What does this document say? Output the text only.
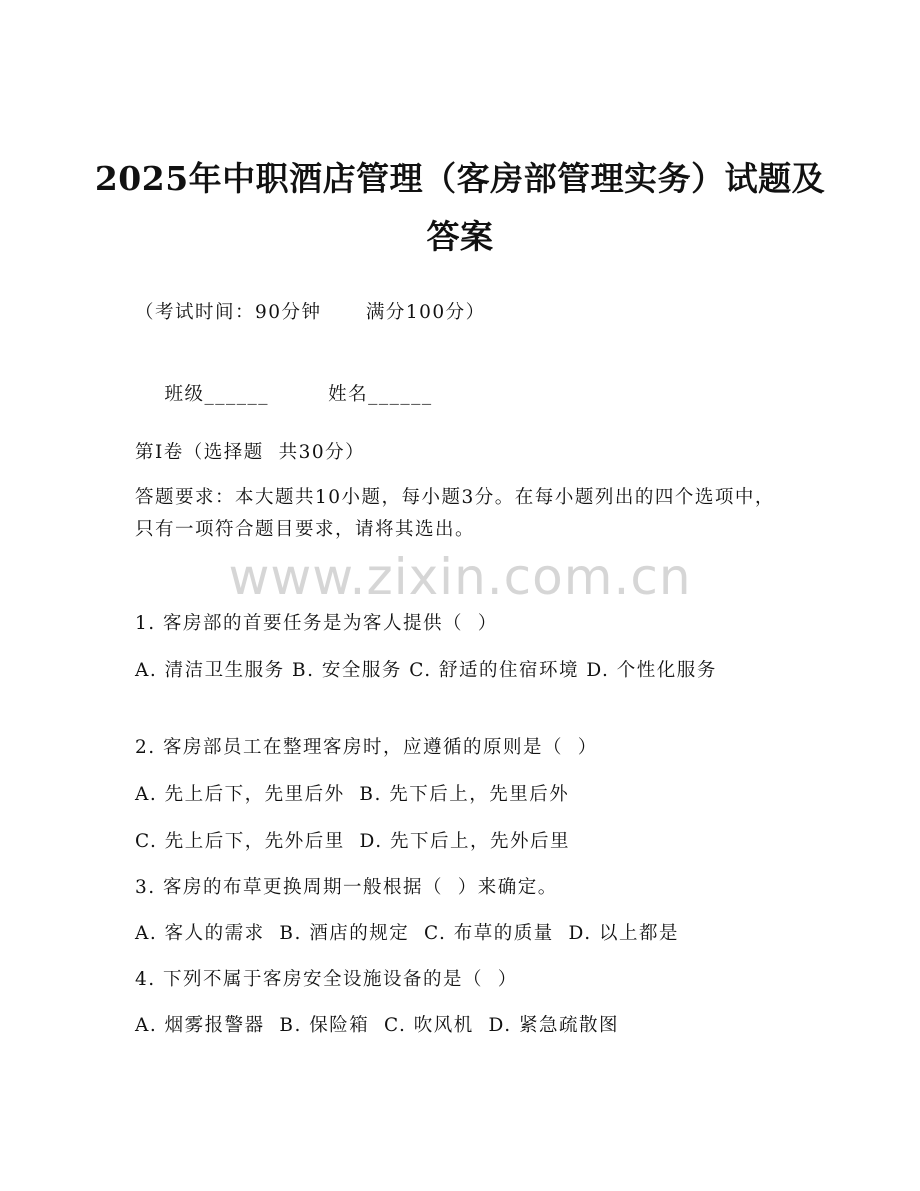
2025年中职酒店管理（客房部管理实务）试题及答案
（考试时间：90分钟      满分100分）

班级______	姓名______

第I卷（选择题  共30分）
答题要求：本大题共10小题，每小题3分。在每小题列出的四个选项中，只有一项符合题目要求，请将其选出。
www.zixin.com.cn
1. 客房部的首要任务是为客人提供（  ）
A. 清洁卫生服务 B. 安全服务 C. 舒适的住宿环境 D. 个性化服务
2. 客房部员工在整理客房时，应遵循的原则是（  ）
A. 先上后下，先里后外  B. 先下后上，先里后外
C. 先上后下，先外后里  D. 先下后上，先外后里
3. 客房的布草更换周期一般根据（  ）来确定。
A. 客人的需求  B. 酒店的规定  C. 布草的质量  D. 以上都是
4. 下列不属于客房安全设施设备的是（  ）
A. 烟雾报警器  B. 保险箱  C. 吹风机  D. 紧急疏散图
